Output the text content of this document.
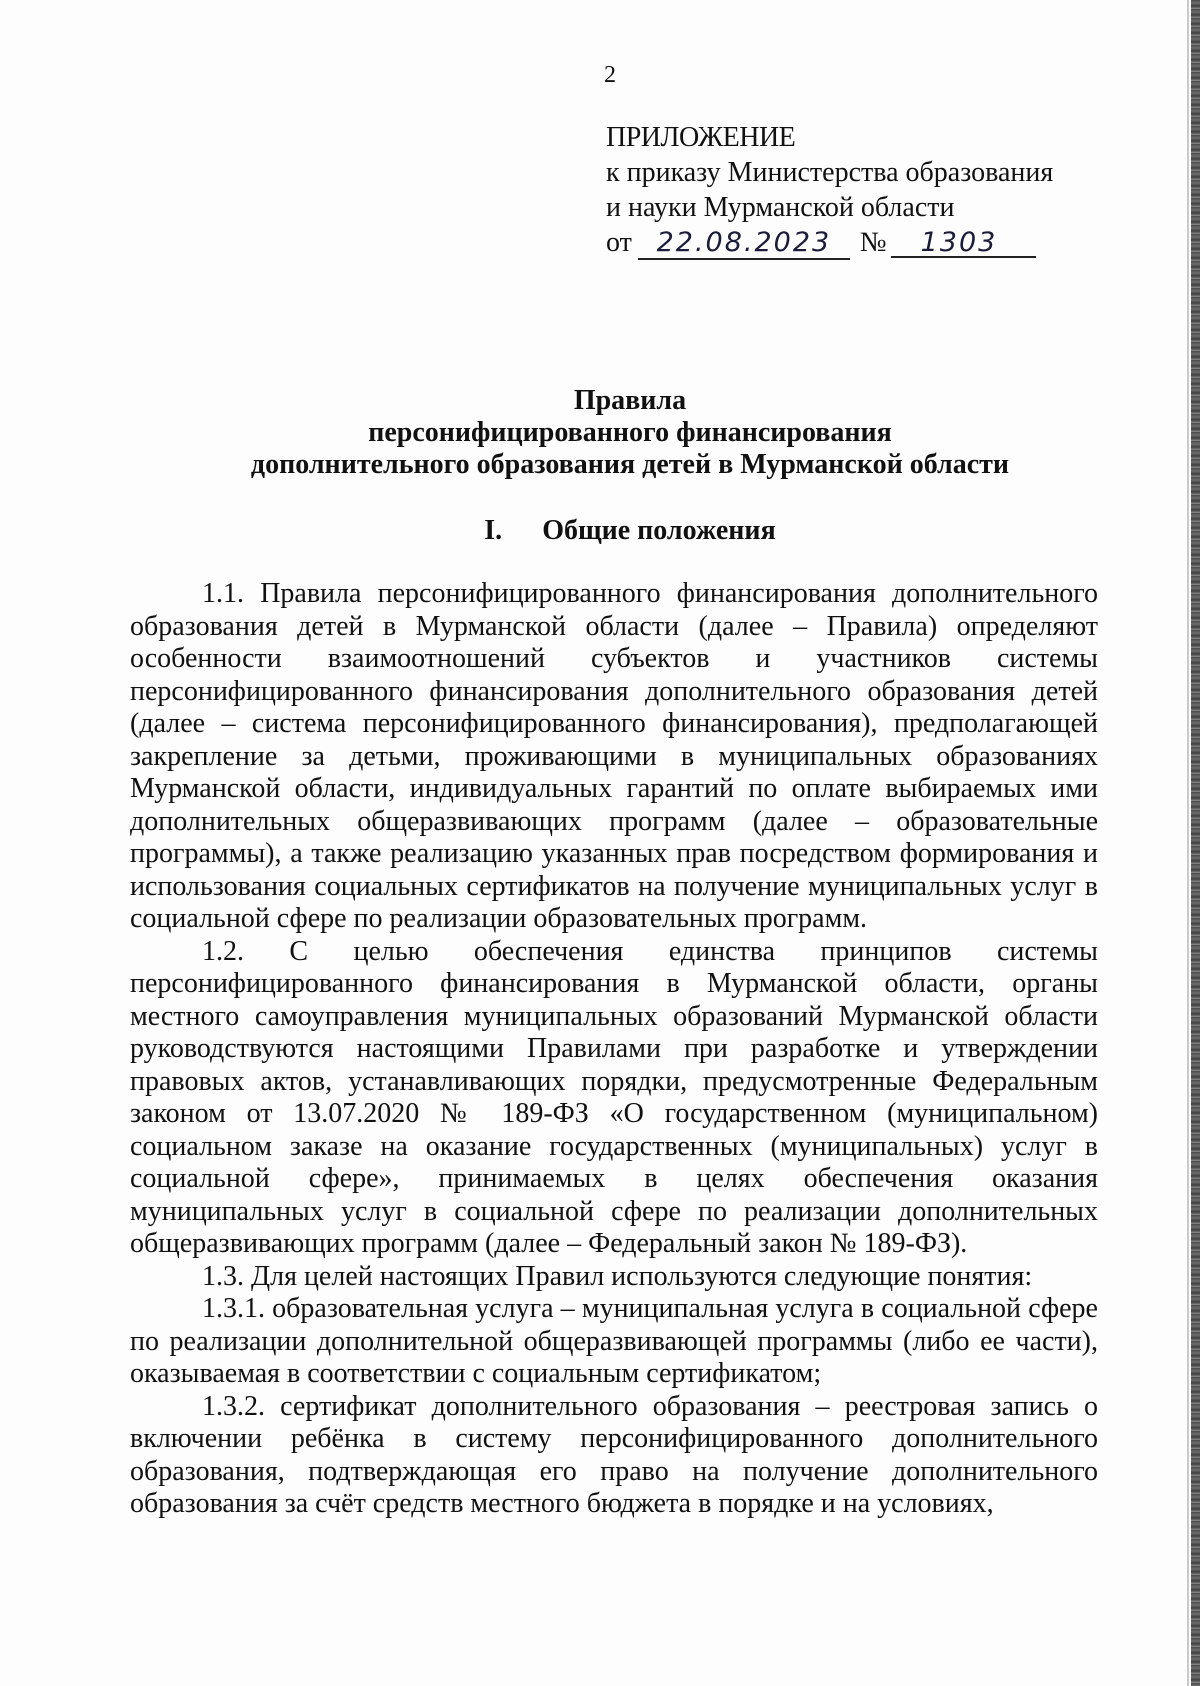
2
ПРИЛОЖЕНИЕ
к приказу Министерства образования
и науки Мурманской области
от 22.08.2023	№	1303
Правила
персонифицированного финансирования
дополнительного образования детей в Мурманской области
I. Общие положения

1.1. Правила персонифицированного финансирования дополнительного образования детей в Мурманской области (далее – Правила) определяют особенности взаимоотношений субъектов и участников системы персонифицированного финансирования дополнительного образования детей (далее – система персонифицированного финансирования), предполагающей закрепление за детьми, проживающими в муниципальных образованиях Мурманской области, индивидуальных гарантий по оплате выбираемых ими дополнительных общеразвивающих программ (далее – образовательные программы), а также реализацию указанных прав посредством формирования и использования социальных сертификатов на получение муниципальных услуг в социальной сфере по реализации образовательных программ.

1.2. С целью обеспечения единства принципов системы персонифицированного финансирования в Мурманской области, органы местного самоуправления муниципальных образований Мурманской области руководствуются настоящими Правилами при разработке и утверждении правовых актов, устанавливающих порядки, предусмотренные Федеральным законом от 13.07.2020 № 189-ФЗ «О государственном (муниципальном) социальном заказе на оказание государственных (муниципальных) услуг в социальной сфере», принимаемых в целях обеспечения оказания муниципальных услуг в социальной сфере по реализации дополнительных общеразвивающих программ (далее – Федеральный закон № 189-ФЗ).

1.3. Для целей настоящих Правил используются следующие понятия:

1.3.1. образовательная услуга – муниципальная услуга в социальной сфере по реализации дополнительной общеразвивающей программы (либо ее части), оказываемая в соответствии с социальным сертификатом;

1.3.2. сертификат дополнительного образования – реестровая запись о включении ребёнка в систему персонифицированного дополнительного образования, подтверждающая его право на получение дополнительного образования за счёт средств местного бюджета в порядке и на условиях,
